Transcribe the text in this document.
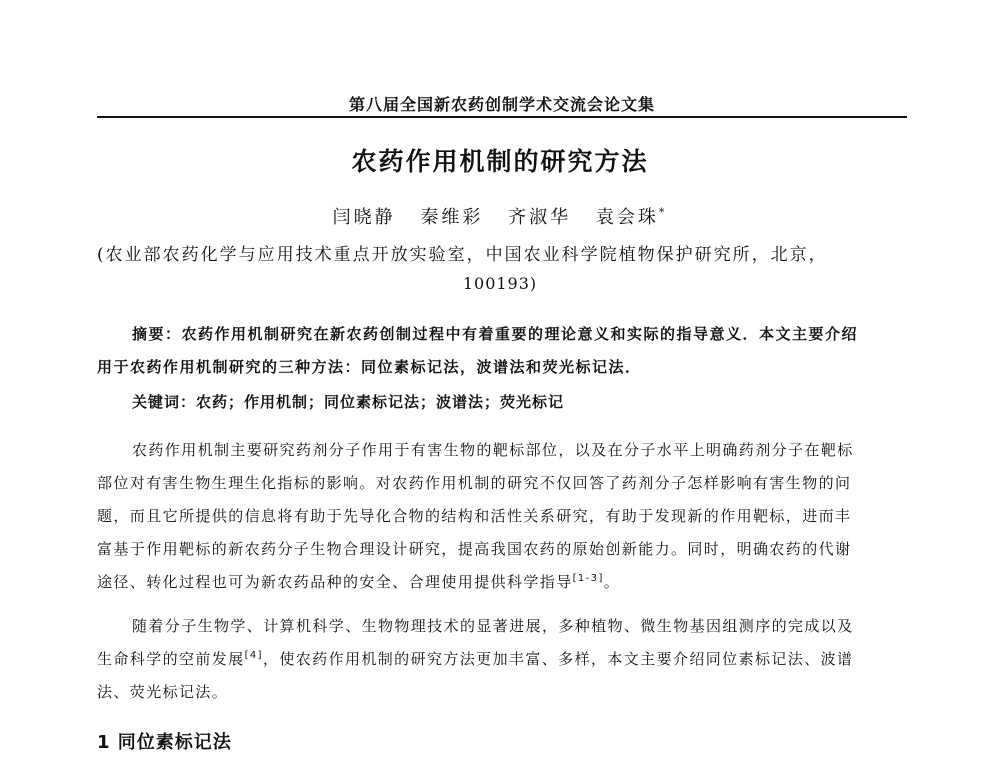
第八届全国新农药创制学术交流会论文集
农药作用机制的研究方法
闫晓静 秦维彩 齐淑华 袁会珠*
(农业部农药化学与应用技术重点开放实验室，中国农业科学院植物保护研究所，北京，
100193)
摘要：农药作用机制研究在新农药创制过程中有着重要的理论意义和实际的指导意义．本文主要介绍
用于农药作用机制研究的三种方法：同位素标记法，波谱法和荧光标记法．
关键词：农药；作用机制；同位素标记法；波谱法；荧光标记
农药作用机制主要研究药剂分子作用于有害生物的靶标部位，以及在分子水平上明确药剂分子在靶标
部位对有害生物生理生化指标的影响。对农药作用机制的研究不仅回答了药剂分子怎样影响有害生物的问
题，而且它所提供的信息将有助于先导化合物的结构和活性关系研究，有助于发现新的作用靶标，进而丰
富基于作用靶标的新农药分子生物合理设计研究，提高我国农药的原始创新能力。同时，明确农药的代谢
途径、转化过程也可为新农药品种的安全、合理使用提供科学指导[1-3]。
随着分子生物学、计算机科学、生物物理技术的显著进展，多种植物、微生物基因组测序的完成以及
生命科学的空前发展[4]，使农药作用机制的研究方法更加丰富、多样，本文主要介绍同位素标记法、波谱
法、荧光标记法。
1 同位素标记法
